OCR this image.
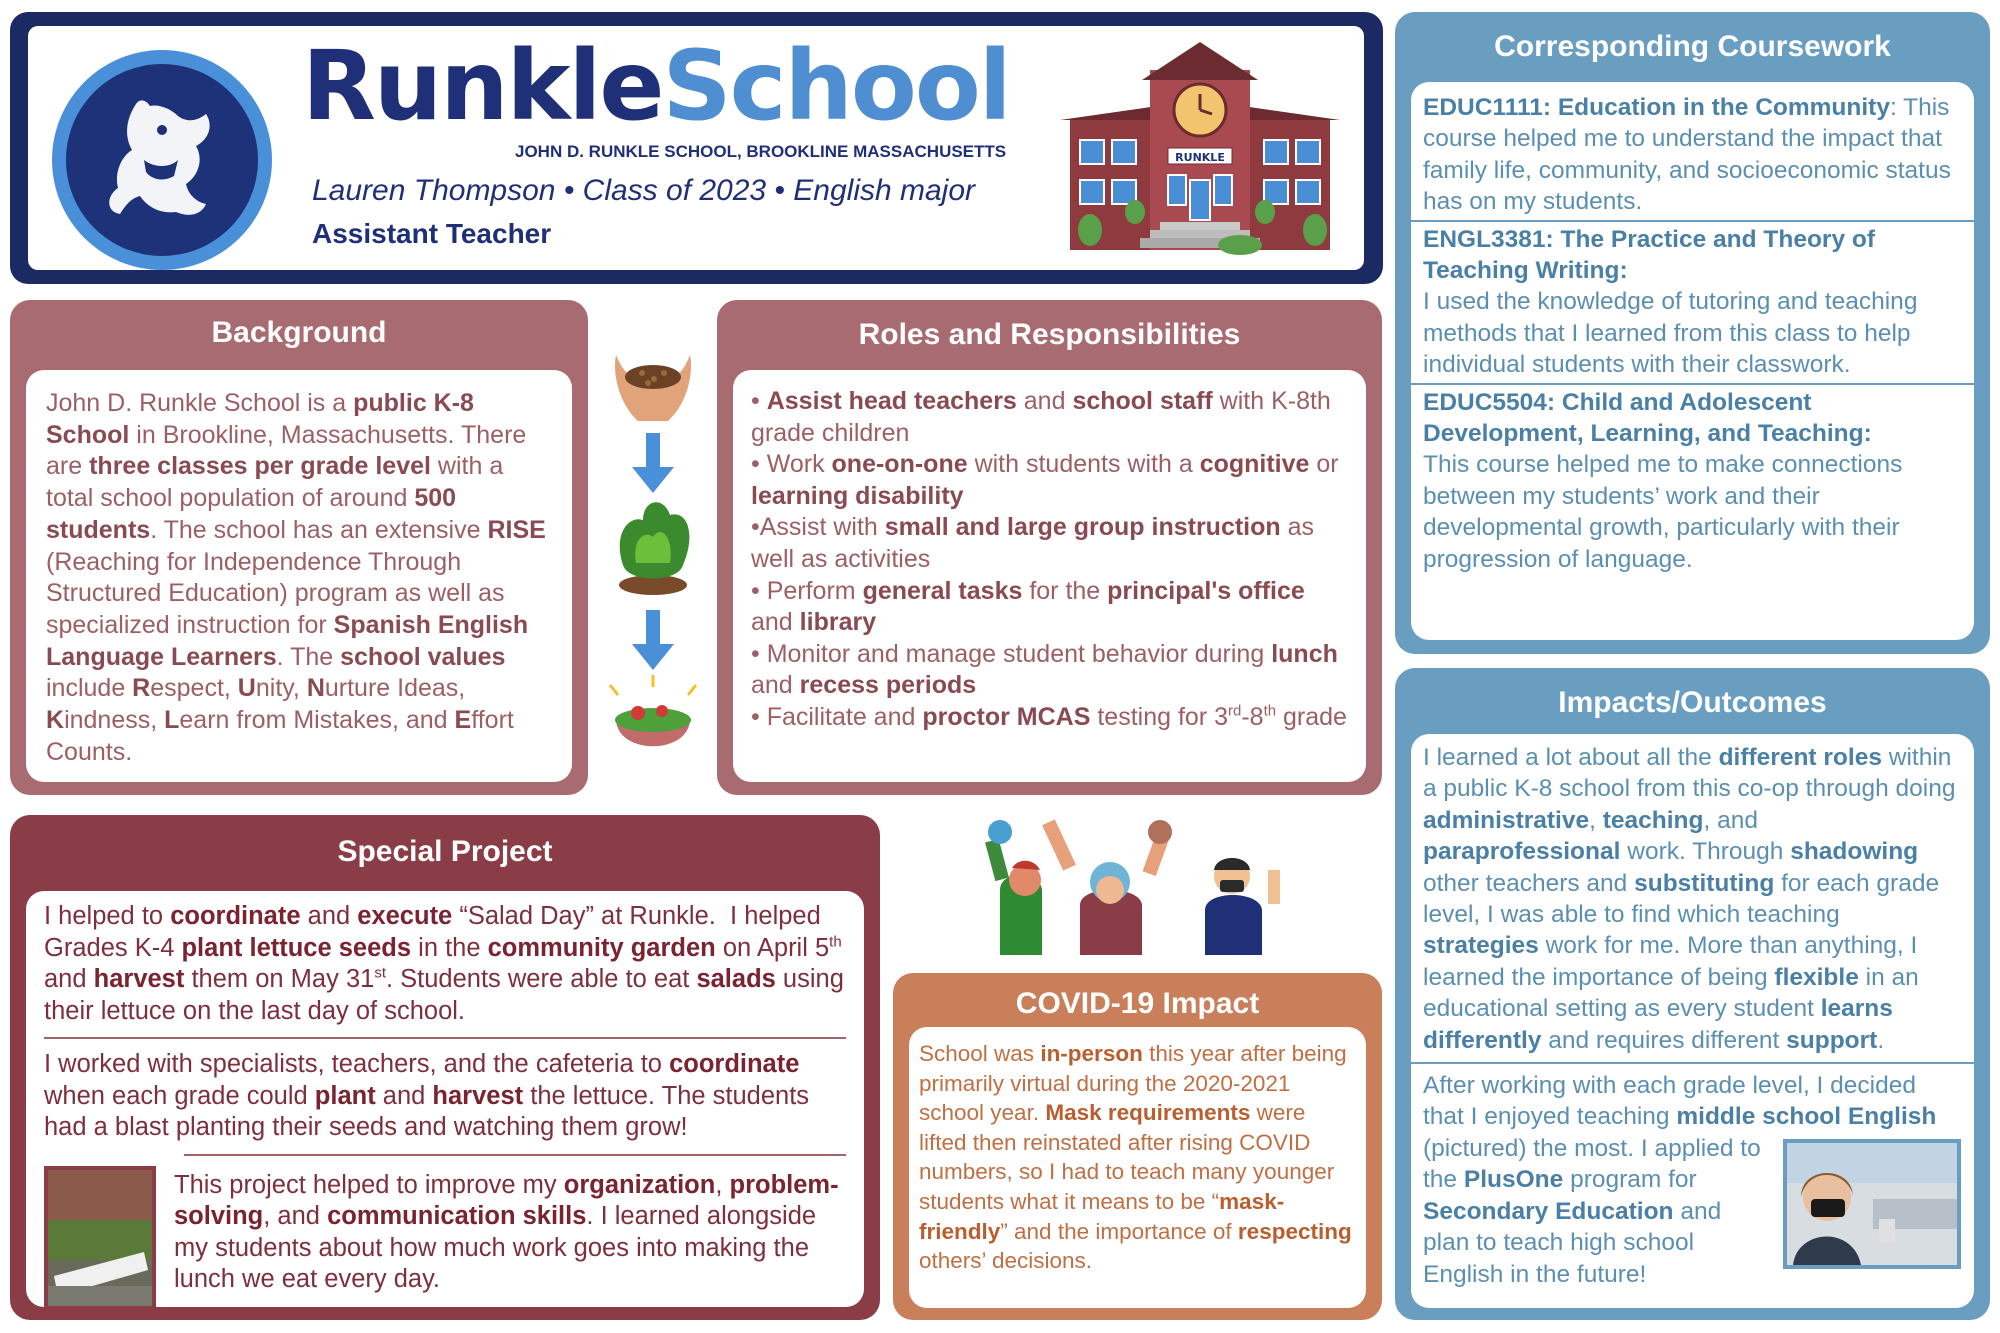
RunkleSchool
JOHN D. RUNKLE SCHOOL, BROOKLINE MASSACHUSETTS
Lauren Thompson • Class of 2023 • English major
Assistant Teacher
RUNKLE
Background

John D. Runkle School is a public K-8 School in Brookline, Massachusetts. There are three classes per grade level with a total school population of around 500 students. The school has an extensive RISE (Reaching for Independence Through Structured Education) program as well as specialized instruction for Spanish English Language Learners. The school values include Respect, Unity, Nurture Ideas, Kindness, Learn from Mistakes, and Effort Counts.

Roles and Responsibilities

• Assist head teachers and school staff with K-8th grade children

• Work one-on-one with students with a cognitive or learning disability

•Assist with small and large group instruction as well as activities

• Perform general tasks for the principal's office and library

• Monitor and manage student behavior during lunch and recess periods

• Facilitate and proctor MCAS testing for 3rd-8th grade

Special Project

I helped to coordinate and execute “Salad Day” at Runkle.  I helped Grades K-4 plant lettuce seeds in the community garden on April 5th and harvest them on May 31st. Students were able to eat salads using their lettuce on the last day of school.

I worked with specialists, teachers, and the cafeteria to coordinate when each grade could plant and harvest the lettuce. The students had a blast planting their seeds and watching them grow!

This project helped to improve my organization, problem-solving, and communication skills. I learned alongside my students about how much work goes into making the lunch we eat every day.

COVID-19 Impact

School was in-person this year after being primarily virtual during the 2020-2021 school year. Mask requirements were lifted then reinstated after rising COVID numbers, so I had to teach many younger students what it means to be “mask-friendly” and the importance of respecting others’ decisions.

Corresponding Coursework

EDUC1111: Education in the Community: This course helped me to understand the impact that family life, community, and socioeconomic status has on my students.

ENGL3381: The Practice and Theory of Teaching Writing:
I used the knowledge of tutoring and teaching methods that I learned from this class to help individual students with their classwork.

EDUC5504: Child and Adolescent Development, Learning, and Teaching:
This course helped me to make connections between my students’ work and their developmental growth, particularly with their progression of language.

Impacts/Outcomes

I learned a lot about all the different roles within a public K-8 school from this co-op through doing administrative, teaching, and paraprofessional work. Through shadowing other teachers and substituting for each grade level, I was able to find which teaching strategies work for me. More than anything, I learned the importance of being flexible in an educational setting as every student learns differently and requires different support.

After working with each grade level, I decided that I enjoyed teaching middle school English

(pictured) the most. I applied to the PlusOne program for Secondary Education and plan to teach high school English in the future!
